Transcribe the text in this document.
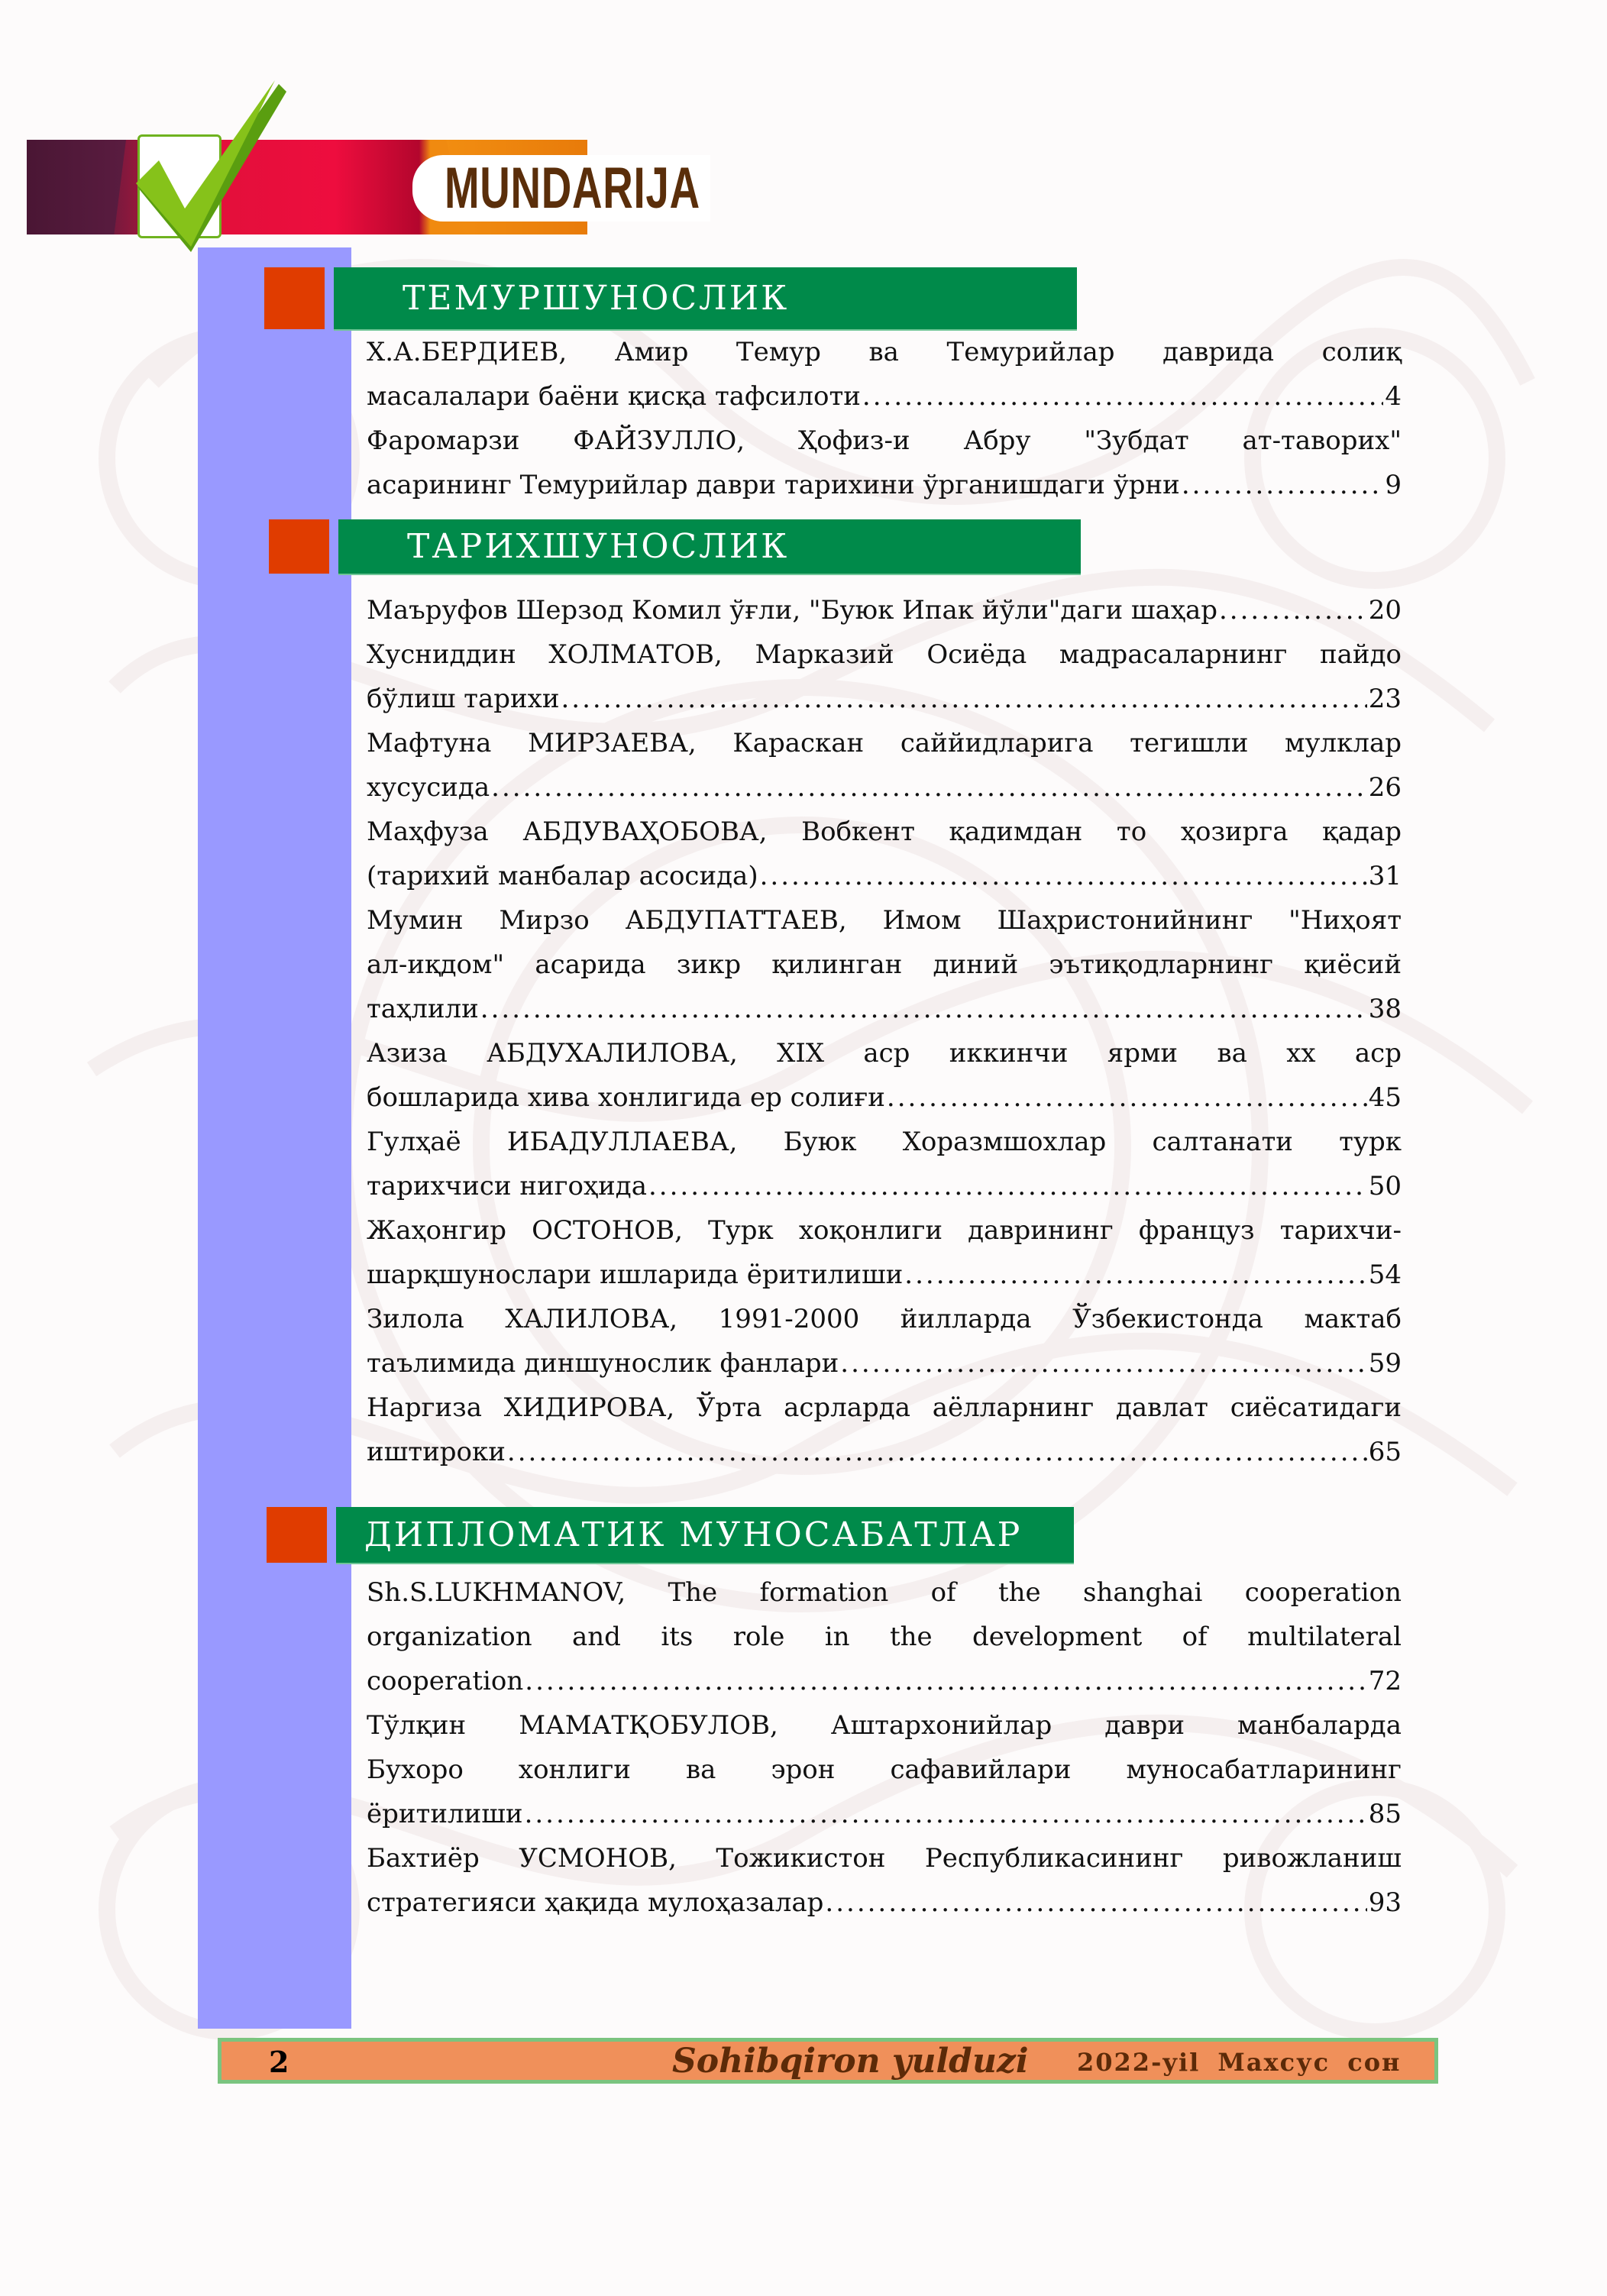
MUNDARIJA
ТЕМУРШУНОСЛИК
Х.А.БЕРДИЕВ, Амир Темур ва Темурийлар даврида солиқ
масалалари баёни қисқа тафсилоти .....	4
Фаромарзи ФАЙЗУЛЛО, Ҳофиз-и Абру "Зубдат ат-таворих"
асарининг Темурийлар даври тарихини ўрганишдаги ўрни .....	9
ТАРИХШУНОСЛИК
Маъруфов Шерзод Комил ўғли, "Буюк Ипак йўли"даги шаҳар .....	20
Хусниддин ХОЛМАТОВ, Марказий Осиёда мадрасаларнинг пайдо
бўлиш тарихи .....	23
Мафтуна МИРЗАЕВА, Караскан саййидларига тегишли мулклар
хусусида .....	26
Маҳфуза АБДУВАҲОБОВА, Вобкент қадимдан то ҳозирга қадар
(тарихий манбалар асосида) .....	31
Мумин Мирзо АБДУПАТТАЕВ, Имом Шаҳристонийнинг "Ниҳоят
ал-иқдом" асарида зикр қилинган диний эътиқодларнинг қиёсий
таҳлили .....	38
Азиза АБДУХАЛИЛОВА, XIX аср иккинчи ярми ва xx аср
бошларида хива хонлигида ер солиғи .....	45
Гулҳаё ИБАДУЛЛАЕВА, Буюк Хоразмшохлар салтанати турк
тарихчиси нигоҳида .....	50
Жаҳонгир ОСТОНОВ, Турк хоқонлиги даврининг француз тарихчи-
шарқшунослари ишларида ёритилиши .....	54
Зилола ХАЛИЛОВА, 1991-2000 йилларда Ўзбекистонда мактаб
таълимида диншунослик фанлари .....	59
Наргиза ХИДИРОВА, Ўрта асрларда аёлларнинг давлат сиёсатидаги
иштироки .....	65
ДИПЛОМАТИК МУНОСАБАТЛАР
Sh.S.LUKHMANOV, The formation of the shanghai cooperation
organization and its role in the development of multilateral
cooperation .....	72
Тўлқин МАМАТҚОБУЛОВ, Аштархонийлар даври манбаларда
Бухоро хонлиги ва эрон сафавийлари муносабатларининг
ёритилиши .....	85
Бахтиёр УСМОНОВ, Тожикистон Республикасининг ривожланиш
стратегияси ҳақида мулоҳазалар .....	93
2	Sohibqiron yulduzi 2022-yil Махсус сон
